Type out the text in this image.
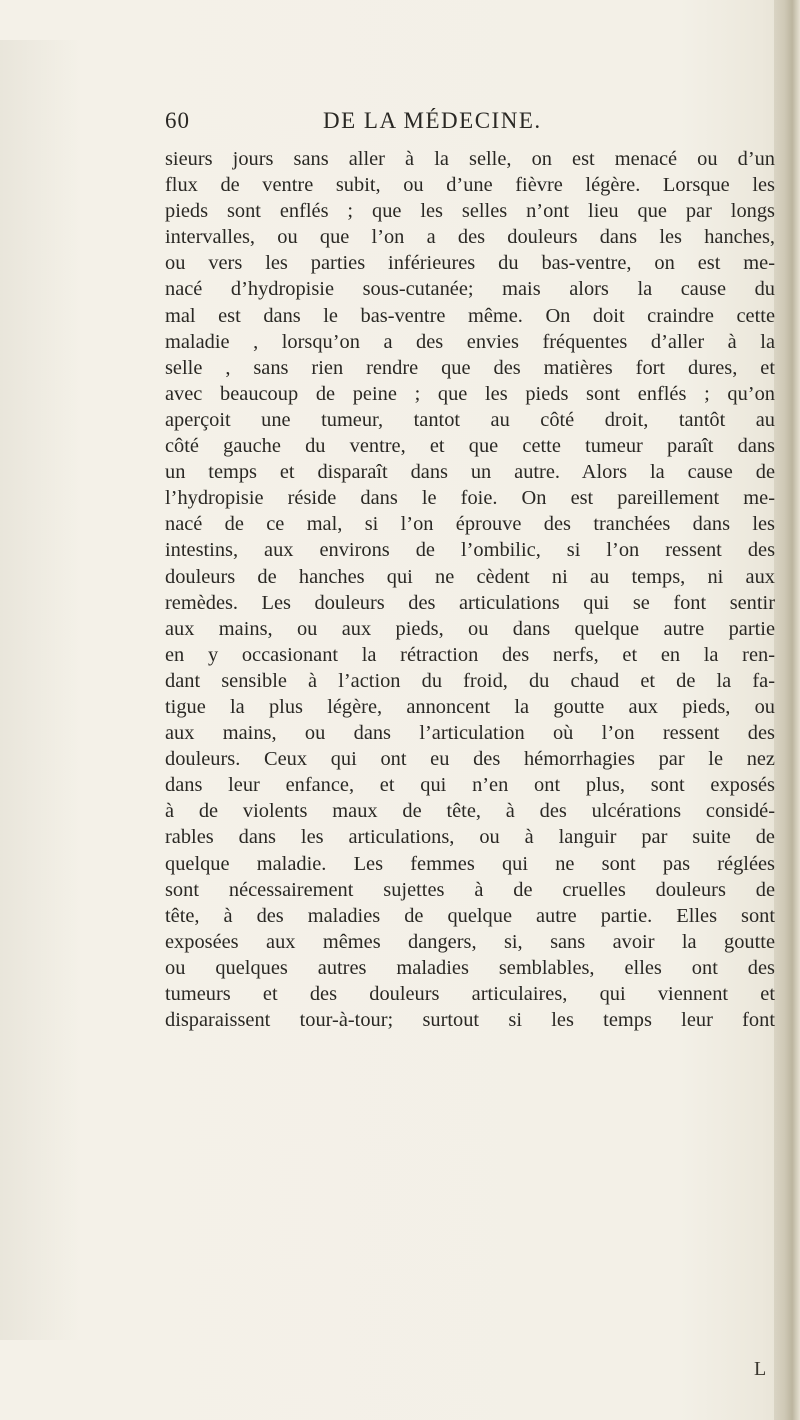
60	DE LA MÉDECINE.
sieurs jours sans aller à la selle, on est menacé ou d’un
flux de ventre subit, ou d’une fièvre légère. Lorsque les
pieds sont enflés ; que les selles n’ont lieu que par longs
intervalles, ou que l’on a des douleurs dans les hanches,
ou vers les parties inférieures du bas-ventre, on est me-
nacé d’hydropisie sous-cutanée; mais alors la cause du
mal est dans le bas-ventre même. On doit craindre cette
maladie , lorsqu’on a des envies fréquentes d’aller à la
selle , sans rien rendre que des matières fort dures, et
avec beaucoup de peine ; que les pieds sont enflés ; qu’on
aperçoit une tumeur, tantot au côté droit, tantôt au
côté gauche du ventre, et que cette tumeur paraît dans
un temps et disparaît dans un autre. Alors la cause de
l’hydropisie réside dans le foie. On est pareillement me-
nacé de ce mal, si l’on éprouve des tranchées dans les
intestins, aux environs de l’ombilic, si l’on ressent des
douleurs de hanches qui ne cèdent ni au temps, ni aux
remèdes. Les douleurs des articulations qui se font sentir
aux mains, ou aux pieds, ou dans quelque autre partie
en y occasionant la rétraction des nerfs, et en la ren-
dant sensible à l’action du froid, du chaud et de la fa-
tigue la plus légère, annoncent la goutte aux pieds, ou
aux mains, ou dans l’articulation où l’on ressent des
douleurs. Ceux qui ont eu des hémorrhagies par le nez
dans leur enfance, et qui n’en ont plus, sont exposés
à de violents maux de tête, à des ulcérations considé-
rables dans les articulations, ou à languir par suite de
quelque maladie. Les femmes qui ne sont pas réglées
sont nécessairement sujettes à de cruelles douleurs de
tête, à des maladies de quelque autre partie. Elles sont
exposées aux mêmes dangers, si, sans avoir la goutte
ou quelques autres maladies semblables, elles ont des
tumeurs et des douleurs articulaires, qui viennent et
disparaissent tour-à-tour; surtout si les temps leur font
L
